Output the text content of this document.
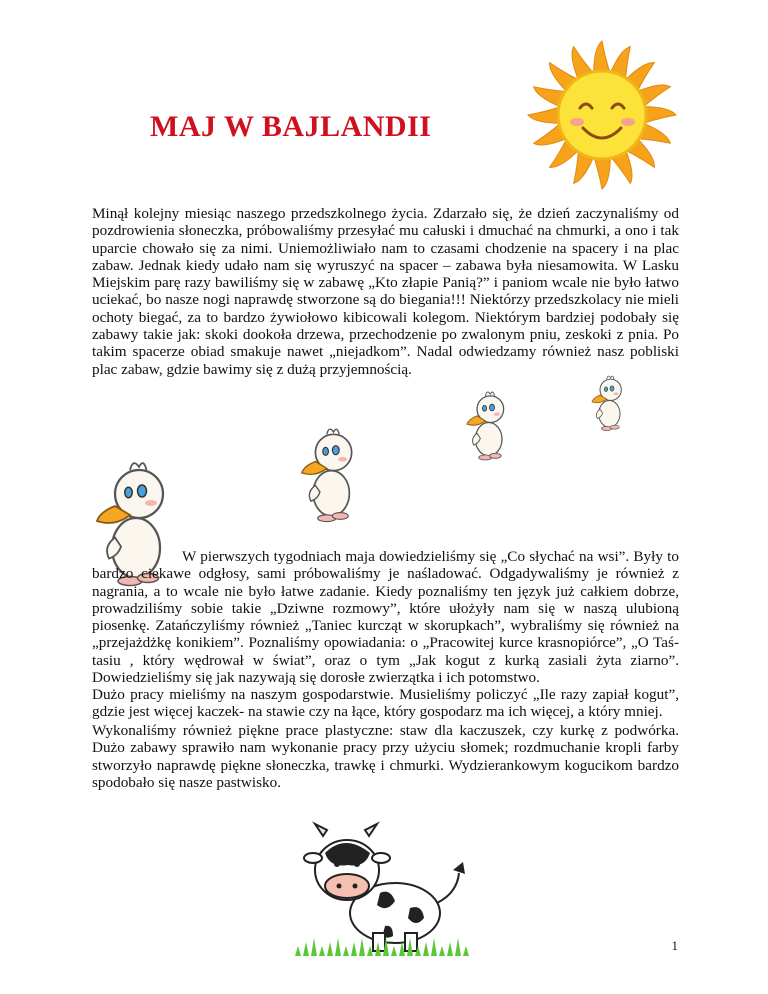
MAJ W BAJLANDII
Minął kolejny miesiąc naszego przedszkolnego życia. Zdarzało się, że dzień zaczynaliśmy od pozdrowienia słoneczka, próbowaliśmy przesyłać mu całuski i dmuchać na chmurki, a ono i tak uparcie chowało się za nimi. Uniemożliwiało nam to czasami chodzenie na spacery i na plac zabaw. Jednak kiedy udało nam się wyruszyć na spacer – zabawa była niesamowita. W Lasku Miejskim parę razy bawiliśmy się w zabawę „Kto złapie Panią?” i paniom wcale nie było łatwo uciekać, bo nasze nogi naprawdę stworzone są do biegania!!! Niektórzy przedszkolacy nie mieli ochoty biegać, za to bardzo żywiołowo kibicowali kolegom. Niektórym bardziej podobały się zabawy takie jak: skoki dookoła drzewa, przechodzenie po zwalonym pniu, zeskoki z pnia. Po takim spacerze obiad smakuje nawet „niejadkom”. Nadal odwiedzamy również nasz pobliski plac zabaw, gdzie bawimy się z dużą przyjemnością.
W pierwszych tygodniach maja dowiedzieliśmy się „Co słychać na wsi”. Były to bardzo ciekawe odgłosy, sami próbowaliśmy je naśladować. Odgadywaliśmy je również z nagrania, a to wcale nie było łatwe zadanie. Kiedy poznaliśmy ten język już całkiem dobrze, prowadziliśmy sobie takie „Dziwne rozmowy”, które ułożyły nam się w naszą ulubioną piosenkę. Zatańczyliśmy również „Taniec kurcząt w skorupkach”, wybraliśmy się również na „przejażdżkę konikiem”. Poznaliśmy opowiadania: o „Pracowitej kurce krasnopiórce”, „O Taś-tasiu , który wędrował w świat”, oraz o tym „Jak kogut z kurką zasiali żyta ziarno”. Dowiedzieliśmy się jak nazywają się dorosłe zwierzątka i ich potomstwo.
Dużo pracy mieliśmy na naszym gospodarstwie. Musieliśmy policzyć „Ile razy zapiał kogut”, gdzie jest więcej kaczek- na stawie czy na łące, który gospodarz ma ich więcej, a który mniej.
Wykonaliśmy również piękne prace plastyczne: staw dla kaczuszek, czy kurkę z podwórka. Dużo zabawy sprawiło nam wykonanie pracy przy użyciu słomek; rozdmuchanie kropli farby stworzyło naprawdę piękne słoneczka, trawkę i chmurki. Wydzierankowym kogucikom bardzo spodobało się nasze pastwisko.
1
